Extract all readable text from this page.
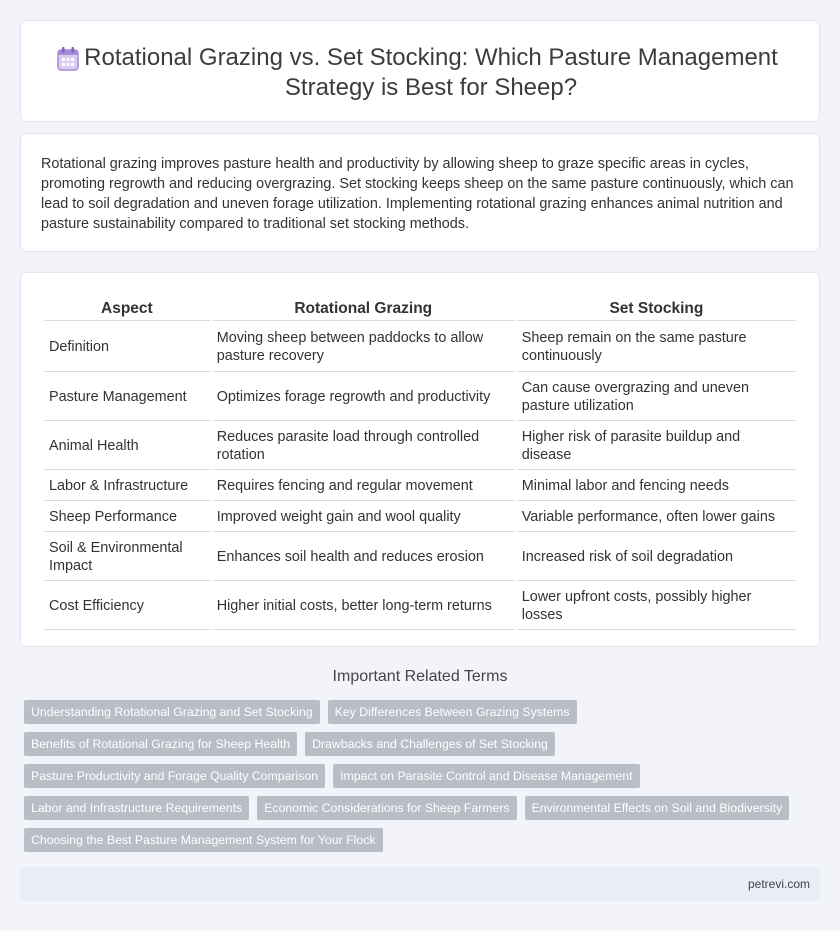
Rotational Grazing vs. Set Stocking: Which Pasture Management Strategy is Best for Sheep?

Rotational grazing improves pasture health and productivity by allowing sheep to graze specific areas in cycles, promoting regrowth and reducing overgrazing. Set stocking keeps sheep on the same pasture continuously, which can lead to soil degradation and uneven forage utilization. Implementing rotational grazing enhances animal nutrition and pasture sustainability compared to traditional set stocking methods.

Aspect	Rotational Grazing	Set Stocking
Definition	Moving sheep between paddocks to allow pasture recovery	Sheep remain on the same pasture continuously
Pasture Management	Optimizes forage regrowth and productivity	Can cause overgrazing and uneven pasture utilization
Animal Health	Reduces parasite load through controlled rotation	Higher risk of parasite buildup and disease
Labor & Infrastructure	Requires fencing and regular movement	Minimal labor and fencing needs
Sheep Performance	Improved weight gain and wool quality	Variable performance, often lower gains
Soil & Environmental Impact	Enhances soil health and reduces erosion	Increased risk of soil degradation
Cost Efficiency	Higher initial costs, better long-term returns	Lower upfront costs, possibly higher losses
Important Related Terms
Understanding Rotational Grazing and Set Stocking	Key Differences Between Grazing Systems
Benefits of Rotational Grazing for Sheep Health	Drawbacks and Challenges of Set Stocking
Pasture Productivity and Forage Quality Comparison	Impact on Parasite Control and Disease Management
Labor and Infrastructure Requirements	Economic Considerations for Sheep Farmers	Environmental Effects on Soil and Biodiversity
Choosing the Best Pasture Management System for Your Flock
petrevi.com
